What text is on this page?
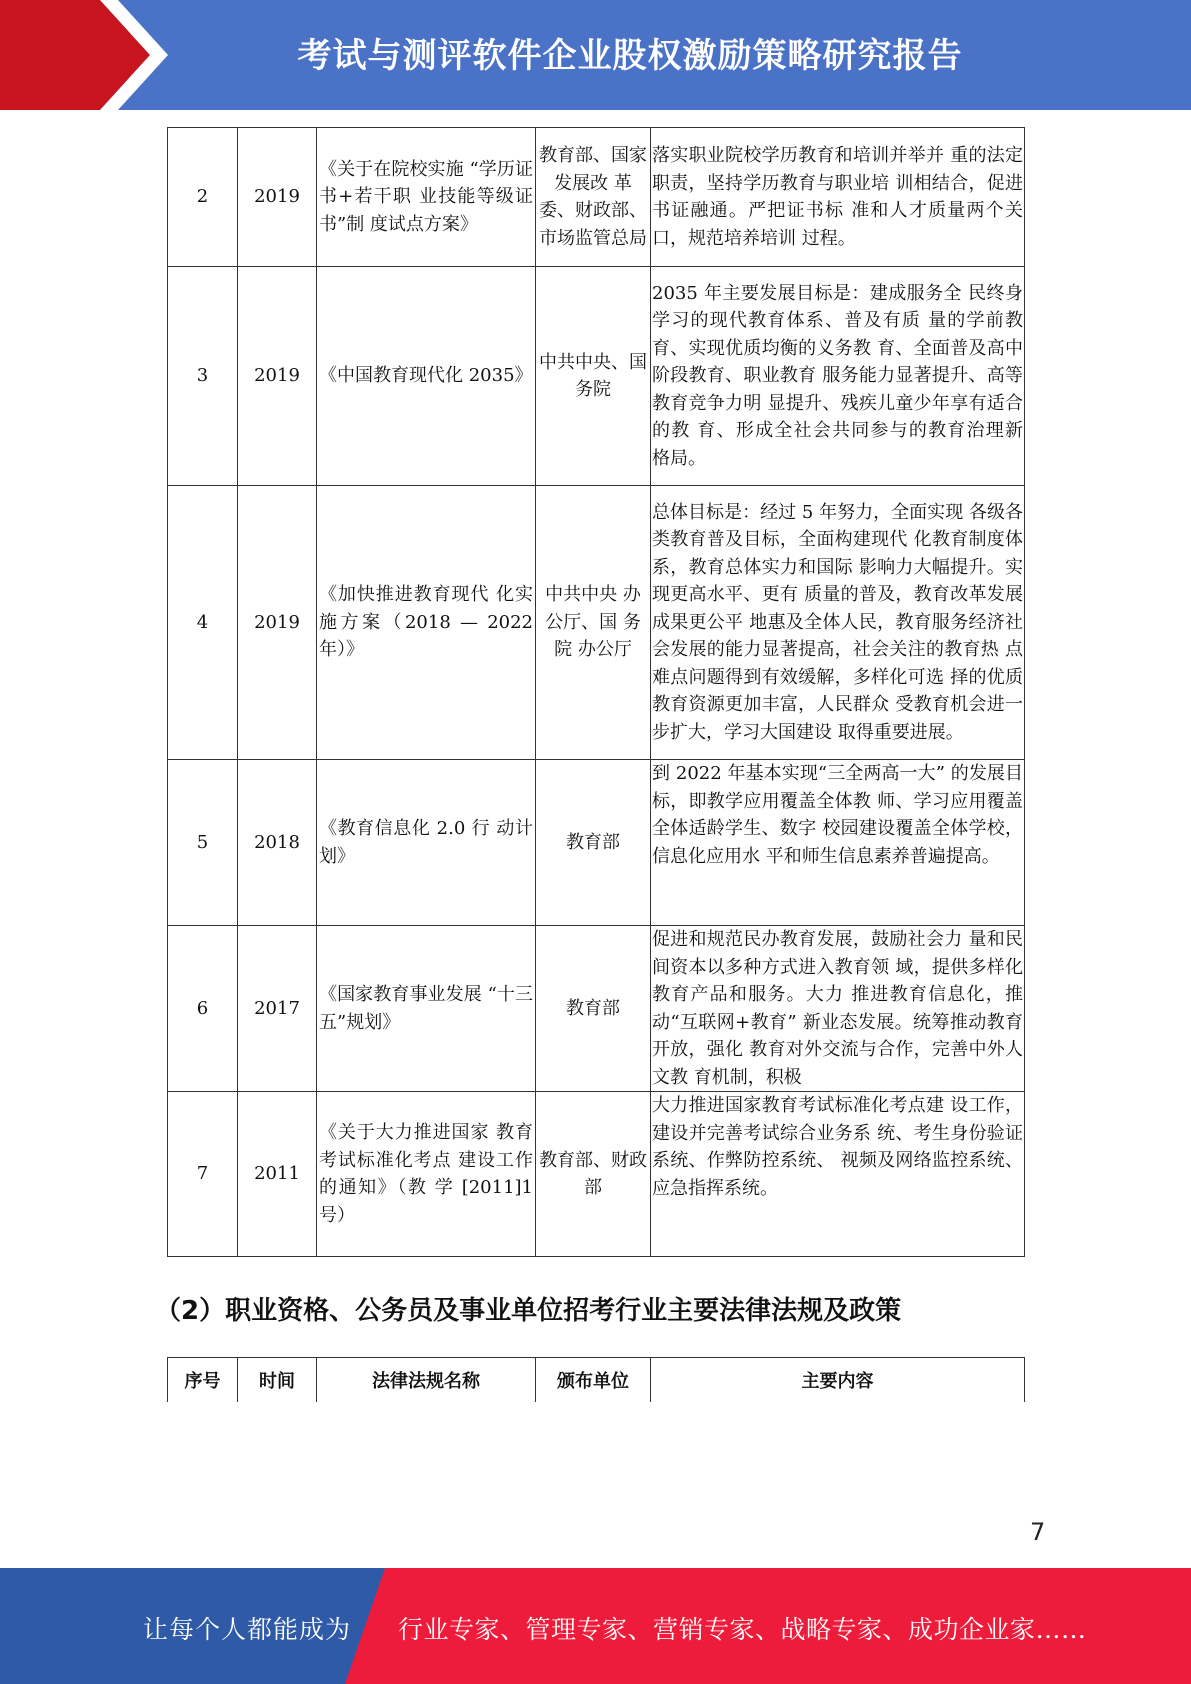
考试与测评软件企业股权激励策略研究报告
2	2019	《关于在院校实施 “学历证书+若干职 业技能等级证书”制 度试点方案》	教育部、国家发展改 革委、财政部、市场监管总局	落实职业院校学历教育和培训并举并 重的法定职责，坚持学历教育与职业培 训相结合，促进书证融通。严把证书标 准和人才质量两个关口，规范培养培训 过程。
3	2019	《中国教育现代化 2035》	中共中央、国务院	2035 年主要发展目标是：建成服务全 民终身学习的现代教育体系、普及有质 量的学前教育、实现优质均衡的义务教 育、全面普及高中阶段教育、职业教育 服务能力显著提升、高等教育竞争力明 显提升、残疾儿童少年享有适合的教 育、形成全社会共同参与的教育治理新 格局。
4	2019	《加快推进教育现代 化实施方案（2018 — 2022 年）》	中共中央 办公厅、国 务院 办公厅	总体目标是：经过 5 年努力，全面实现 各级各类教育普及目标，全面构建现代 化教育制度体系，教育总体实力和国际 影响力大幅提升。实现更高水平、更有 质量的普及，教育改革发展成果更公平 地惠及全体人民，教育服务经济社会发展的能力显著提高，社会关注的教育热 点难点问题得到有效缓解，多样化可选 择的优质教育资源更加丰富，人民群众 受教育机会进一步扩大，学习大国建设 取得重要进展。
5	2018	《教育信息化 2.0 行 动计划》	教育部	到 2022 年基本实现“三全两高一大” 的发展目标，即教学应用覆盖全体教 师、学习应用覆盖全体适龄学生、数字 校园建设覆盖全体学校，信息化应用水 平和师生信息素养普遍提高。
6	2017	《国家教育事业发展 “十三五”规划》	教育部	促进和规范民办教育发展，鼓励社会力 量和民间资本以多种方式进入教育领 域，提供多样化教育产品和服务。大力 推进教育信息化，推动“互联网+教育” 新业态发展。统筹推动教育开放，强化 教育对外交流与合作，完善中外人文教 育机制，积极
7	2011	《关于大力推进国家 教育考试标准化考点 建设工作的通知》（教 学 [2011]1 号）	教育部、财政部	大力推进国家教育考试标准化考点建 设工作，建设并完善考试综合业务系 统、考生身份验证系统、作弊防控系统、 视频及网络监控系统、应急指挥系统。
（2）职业资格、公务员及事业单位招考行业主要法律法规及政策
序号	时间	法律法规名称	颁布单位	主要内容
7
让每个人都能成为 行业专家、管理专家、营销专家、战略专家、成功企业家……
